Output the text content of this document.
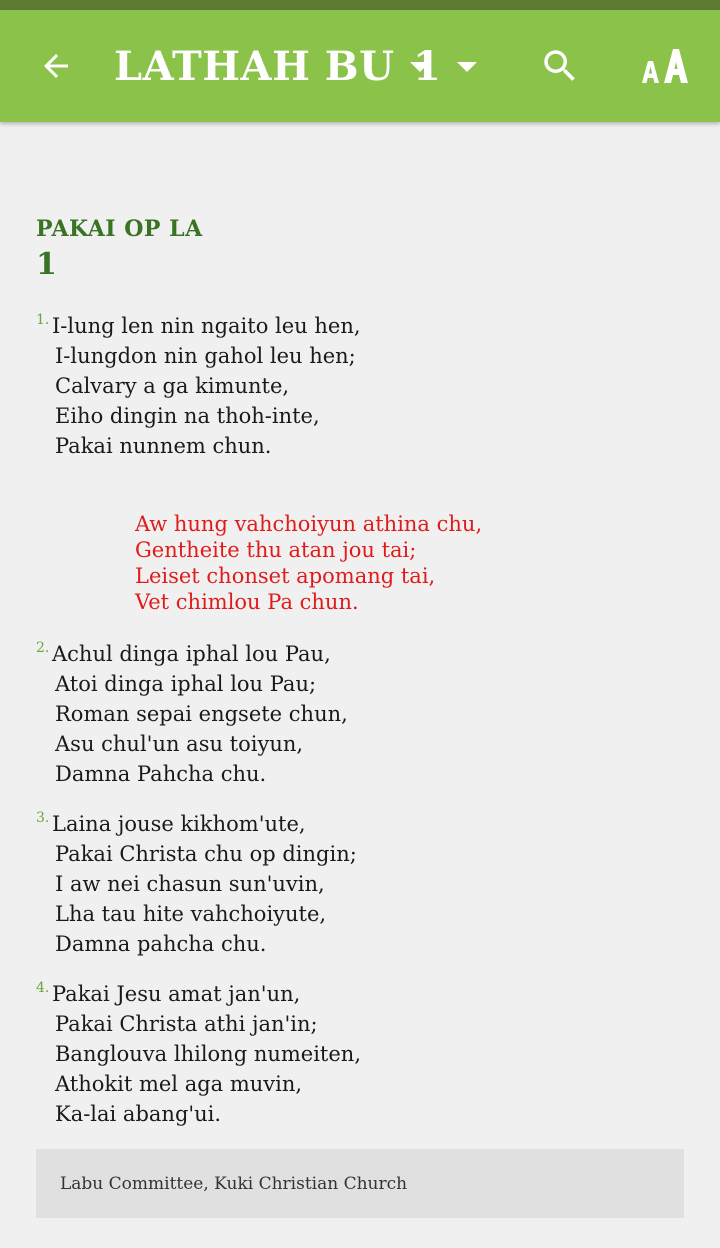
LATHAH BU 1
PAKAI OP LA
1
1. I-lung len nin ngaito leu hen,
I-lungdon nin gahol leu hen;
Calvary a ga kimunte,
Eiho dingin na thoh-inte,
Pakai nunnem chun.
Aw hung vahchoiyun athina chu,
Gentheite thu atan jou tai;
Leiset chonset apomang tai,
Vet chimlou Pa chun.
2. Achul dinga iphal lou Pau,
Atoi dinga iphal lou Pau;
Roman sepai engsete chun,
Asu chul'un asu toiyun,
Damna Pahcha chu.
3. Laina jouse kikhom'ute,
Pakai Christa chu op dingin;
I aw nei chasun sun'uvin,
Lha tau hite vahchoiyute,
Damna pahcha chu.
4. Pakai Jesu amat jan'un,
Pakai Christa athi jan'in;
Banglouva lhilong numeiten,
Athokit mel aga muvin,
Ka-lai abang'ui.
Labu Committee, Kuki Christian Church
